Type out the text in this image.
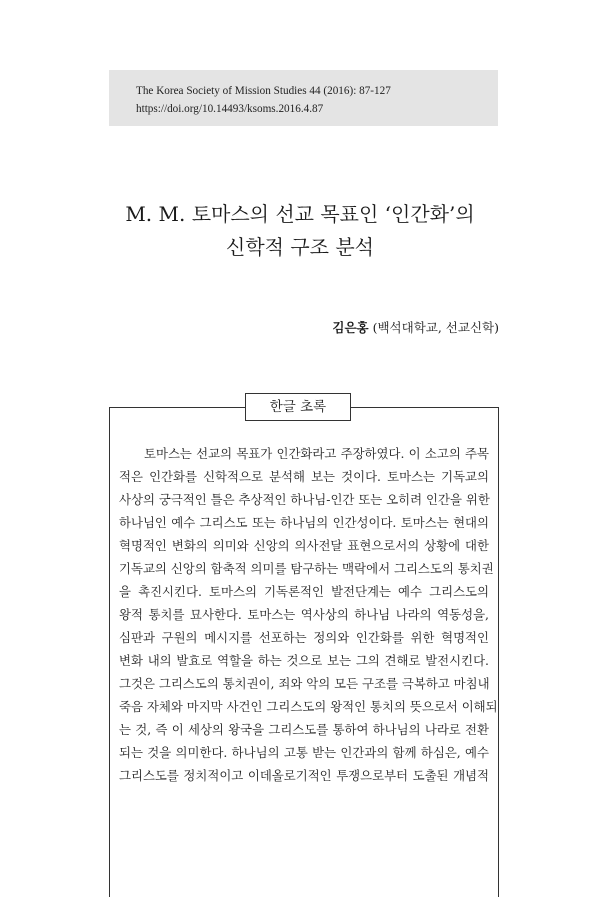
The Korea Society of Mission Studies 44 (2016): 87-127
https://doi.org/10.14493/ksoms.2016.4.87
M. M. 토마스의 선교 목표인 ‘인간화’의
신학적 구조 분석
김은홍 (백석대학교, 선교신학)
한글 초록
토마스는 선교의 목표가 인간화라고 주장하였다. 이 소고의 주목
적은 인간화를 신학적으로 분석해 보는 것이다. 토마스는 기독교의
사상의 궁극적인 틀은 추상적인 하나님-인간 또는 오히려 인간을 위한
하나님인 예수 그리스도 또는 하나님의 인간성이다. 토마스는 현대의
혁명적인 변화의 의미와 신앙의 의사전달 표현으로서의 상황에 대한
기독교의 신앙의 함축적 의미를 탐구하는 맥락에서 그리스도의 통치권
을 촉진시킨다. 토마스의 기독론적인 발전단계는 예수 그리스도의
왕적 통치를 묘사한다. 토마스는 역사상의 하나님 나라의 역동성을,
심판과 구원의 메시지를 선포하는 정의와 인간화를 위한 혁명적인
변화 내의 발효로 역할을 하는 것으로 보는 그의 견해로 발전시킨다.
그것은 그리스도의 통치권이, 죄와 악의 모든 구조를 극복하고 마침내
죽음 자체와 마지막 사건인 그리스도의 왕적인 통치의 뜻으로서 이해되
는 것, 즉 이 세상의 왕국을 그리스도를 통하여 하나님의 나라로 전환
되는 것을 의미한다. 하나님의 고통 받는 인간과의 함께 하심은, 예수
그리스도를 정치적이고 이데올로기적인 투쟁으로부터 도출된 개념적
